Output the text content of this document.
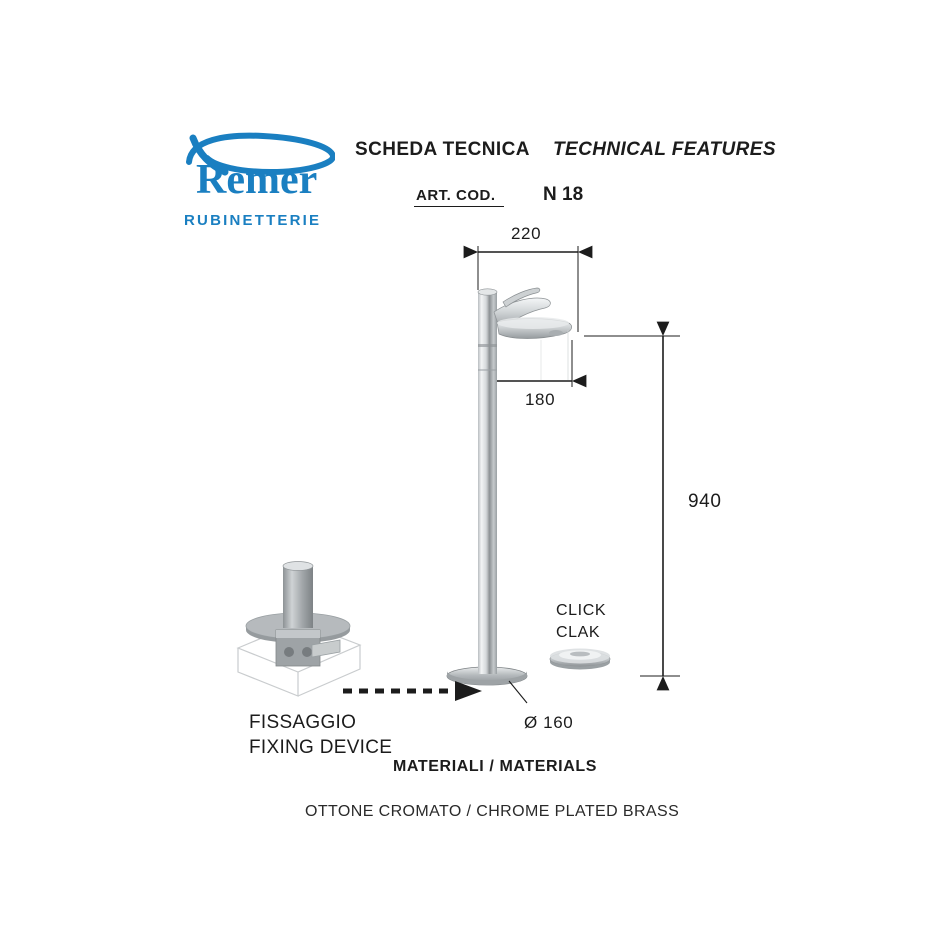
Remer
RUBINETTERIE
SCHEDA TECNICA TECHNICAL FEATURES
ART. COD.	N 18
220
180
940
Ø 160
CLICK
CLAK
FISSAGGIO
FIXING DEVICE
MATERIALI / MATERIALS
OTTONE CROMATO / CHROME PLATED BRASS
